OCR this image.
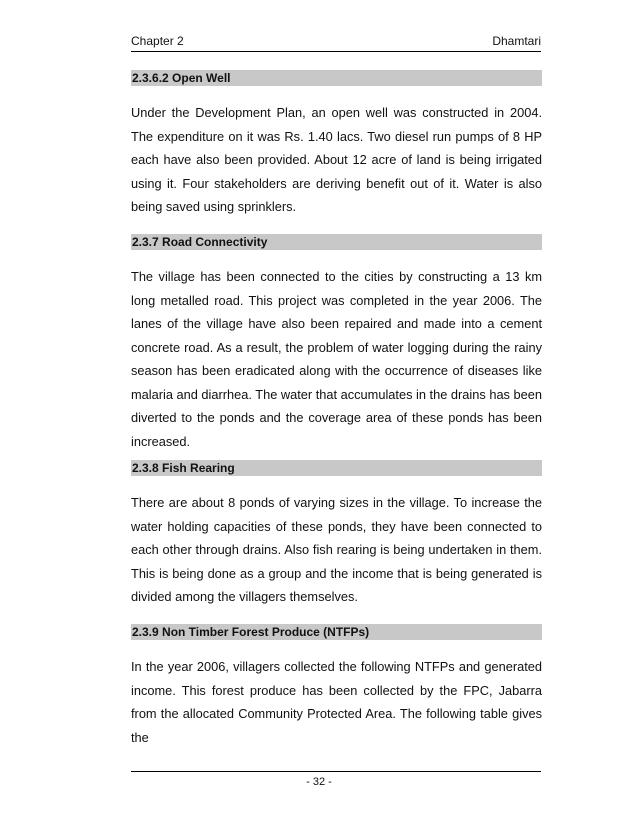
Chapter 2	Dhamtari
2.3.6.2 Open Well
Under the Development Plan, an open well was constructed in 2004. The expenditure on it was Rs. 1.40 lacs. Two diesel run pumps of 8 HP each have also been provided. About 12 acre of land is being irrigated using it. Four stakeholders are deriving benefit out of it. Water is also being saved using sprinklers.
2.3.7 Road Connectivity
The village has been connected to the cities by constructing a 13 km long metalled road. This project was completed in the year 2006. The lanes of the village have also been repaired and made into a cement concrete road. As a result, the problem of water logging during the rainy season has been eradicated along with the occurrence of diseases like malaria and diarrhea. The water that accumulates in the drains has been diverted to the ponds and the coverage area of these ponds has been increased.
2.3.8 Fish Rearing
There are about 8 ponds of varying sizes in the village. To increase the water holding capacities of these ponds, they have been connected to each other through drains. Also fish rearing is being undertaken in them. This is being done as a group and the income that is being generated is divided among the villagers themselves.
2.3.9 Non Timber Forest Produce (NTFPs)
In the year 2006, villagers collected the following NTFPs and generated income. This forest produce has been collected by the FPC, Jabarra from the allocated Community Protected Area. The following table gives the
- 32 -
